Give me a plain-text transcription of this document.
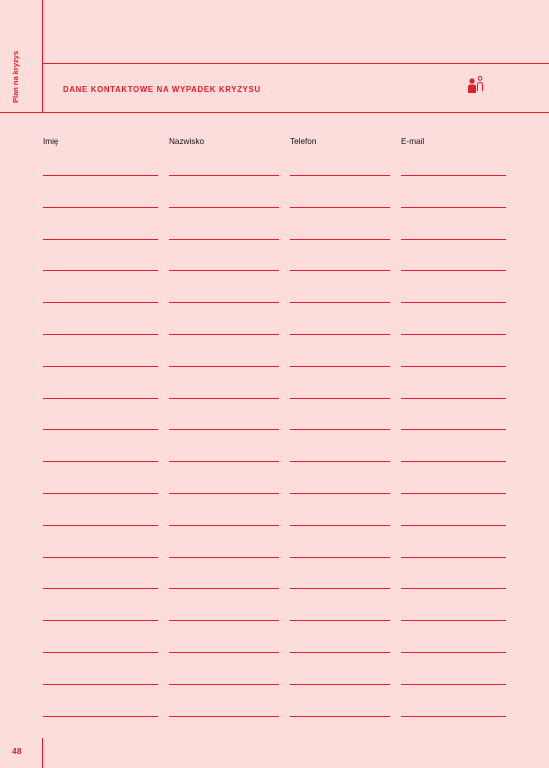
Plan na kryzys	DANE KONTAKTOWE NA WYPADEK KRYZYSU
Imię	Nazwisko	Telefon	E-mail
48
